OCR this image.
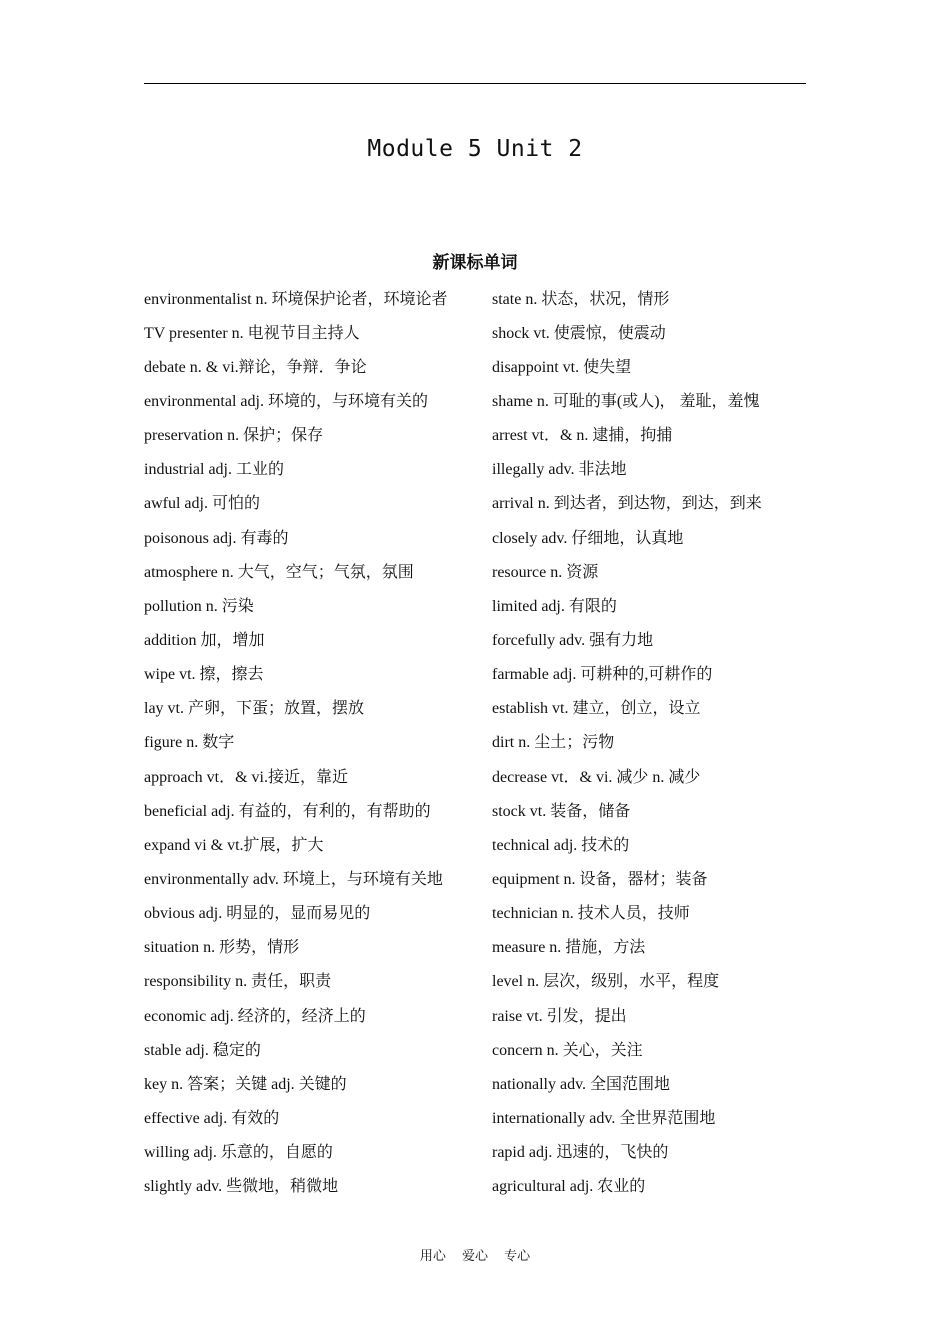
Module 5 Unit 2
新课标单词
environmentalist n. 环境保护论者，环境论者	state n. 状态，状况，情形
TV presenter n. 电视节目主持人	shock vt. 使震惊，使震动
debate n. & vi.辩论，争辩．争论	disappoint vt. 使失望
environmental adj. 环境的，与环境有关的	shame n. 可耻的事(或人)， 羞耻，羞愧
preservation n. 保护；保存	arrest vt．& n. 逮捕，拘捕
industrial adj. 工业的	illegally adv. 非法地
awful adj. 可怕的	arrival n. 到达者，到达物，到达，到来
poisonous adj. 有毒的	closely adv. 仔细地，认真地
atmosphere n. 大气，空气；气氛，氛围	resource n. 资源
pollution n. 污染	limited adj. 有限的
addition 加，增加	forcefully adv. 强有力地
wipe vt. 擦，擦去	farmable adj. 可耕种的,可耕作的
lay vt. 产卵，下蛋；放置，摆放	establish vt. 建立，创立，设立
figure n. 数字	dirt n. 尘土；污物
approach vt．& vi.接近，靠近	decrease vt．& vi. 减少 n. 减少
beneficial adj. 有益的，有利的，有帮助的	stock vt. 装备，储备
expand vi & vt.扩展，扩大	technical adj. 技术的
environmentally adv. 环境上，与环境有关地	equipment n. 设备，器材；装备
obvious adj. 明显的，显而易见的	technician n. 技术人员，技师
situation n. 形势，情形	measure n. 措施，方法
responsibility n. 责任，职责	level n. 层次，级别，水平，程度
economic adj. 经济的，经济上的	raise vt. 引发，提出
stable adj. 稳定的	concern n. 关心，关注
key n. 答案；关键 adj. 关键的	nationally adv. 全国范围地
effective adj. 有效的	internationally adv. 全世界范围地
willing adj. 乐意的，自愿的	rapid adj. 迅速的，飞快的
slightly adv. 些微地，稍微地	agricultural adj. 农业的
用心 爱心 专心
